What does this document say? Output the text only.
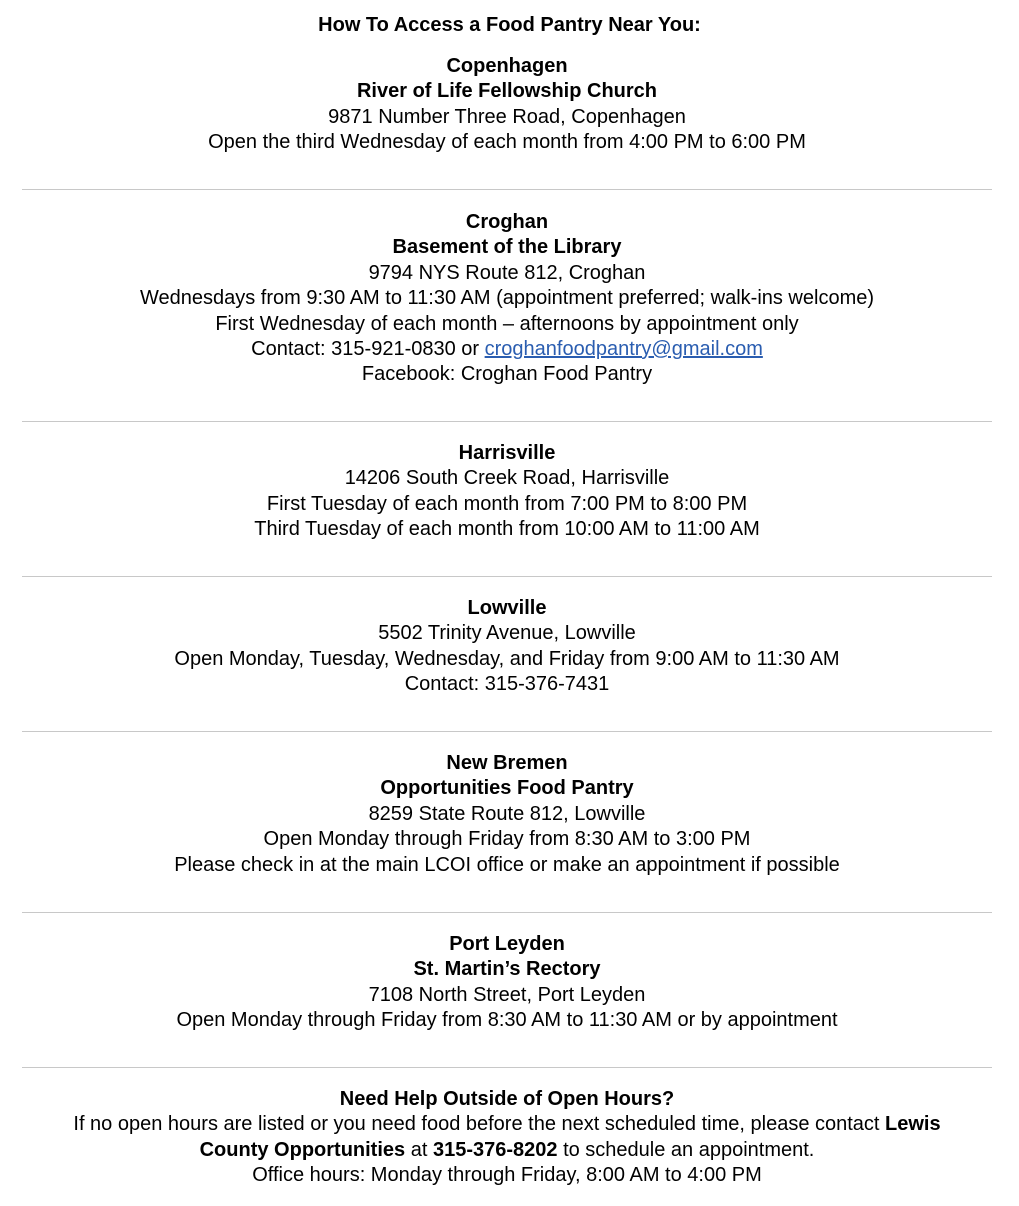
How To Access a Food Pantry Near You:
Copenhagen
River of Life Fellowship Church
9871 Number Three Road, Copenhagen
Open the third Wednesday of each month from 4:00 PM to 6:00 PM
Croghan
Basement of the Library
9794 NYS Route 812, Croghan
Wednesdays from 9:30 AM to 11:30 AM (appointment preferred; walk-ins welcome)
First Wednesday of each month – afternoons by appointment only
Contact: 315-921-0830 or croghanfoodpantry@gmail.com
Facebook: Croghan Food Pantry
Harrisville
14206 South Creek Road, Harrisville
First Tuesday of each month from 7:00 PM to 8:00 PM
Third Tuesday of each month from 10:00 AM to 11:00 AM
Lowville
5502 Trinity Avenue, Lowville
Open Monday, Tuesday, Wednesday, and Friday from 9:00 AM to 11:30 AM
Contact: 315-376-7431
New Bremen
Opportunities Food Pantry
8259 State Route 812, Lowville
Open Monday through Friday from 8:30 AM to 3:00 PM
Please check in at the main LCOI office or make an appointment if possible
Port Leyden
St. Martin’s Rectory
7108 North Street, Port Leyden
Open Monday through Friday from 8:30 AM to 11:30 AM or by appointment
Need Help Outside of Open Hours?
If no open hours are listed or you need food before the next scheduled time, please contact Lewis
County Opportunities at 315-376-8202 to schedule an appointment.
Office hours: Monday through Friday, 8:00 AM to 4:00 PM
